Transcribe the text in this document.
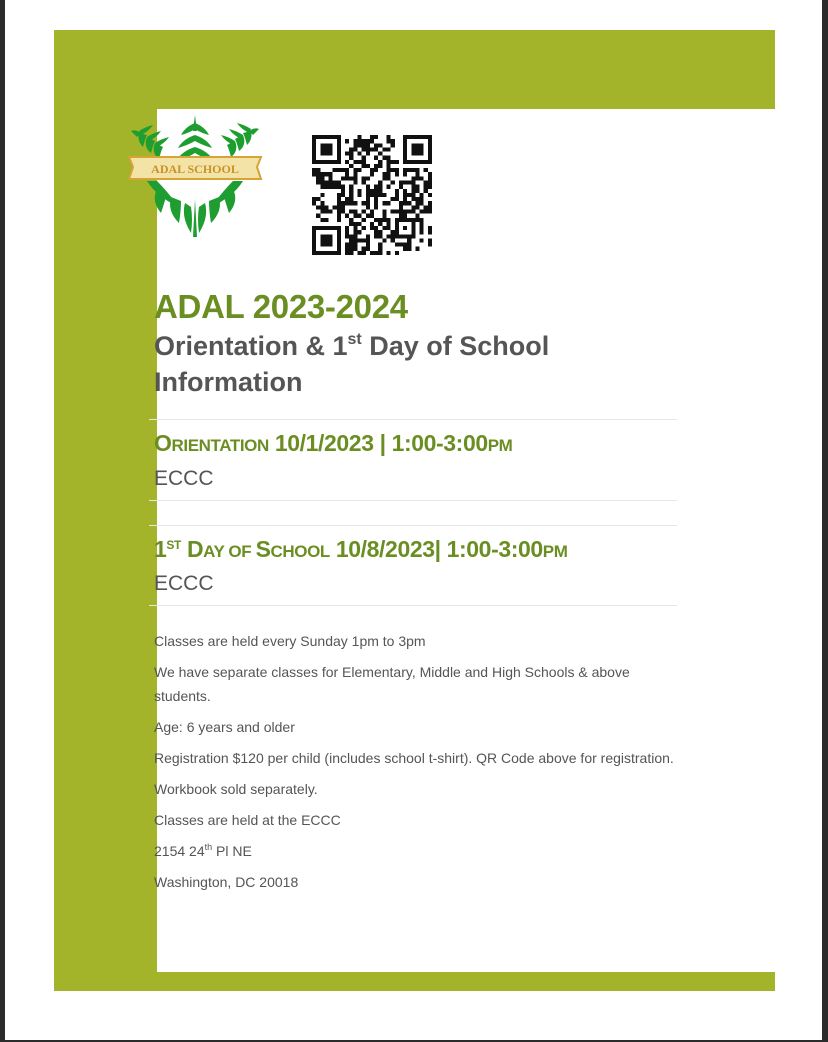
ADAL SCHOOL
ADAL 2023-2024
Orientation & 1st Day of School
Information
ORIENTATION 10/1/2023 | 1:00-3:00PM
ECCC
1ST DAY OF SCHOOL 10/8/2023| 1:00-3:00PM
ECCC

Classes are held every Sunday 1pm to 3pm

We have separate classes for Elementary, Middle and High Schools & above students.

Age: 6 years and older

Registration $120 per child (includes school t-shirt). QR Code above for registration.

Workbook sold separately.

Classes are held at the ECCC

2154 24th Pl NE

Washington, DC 20018
